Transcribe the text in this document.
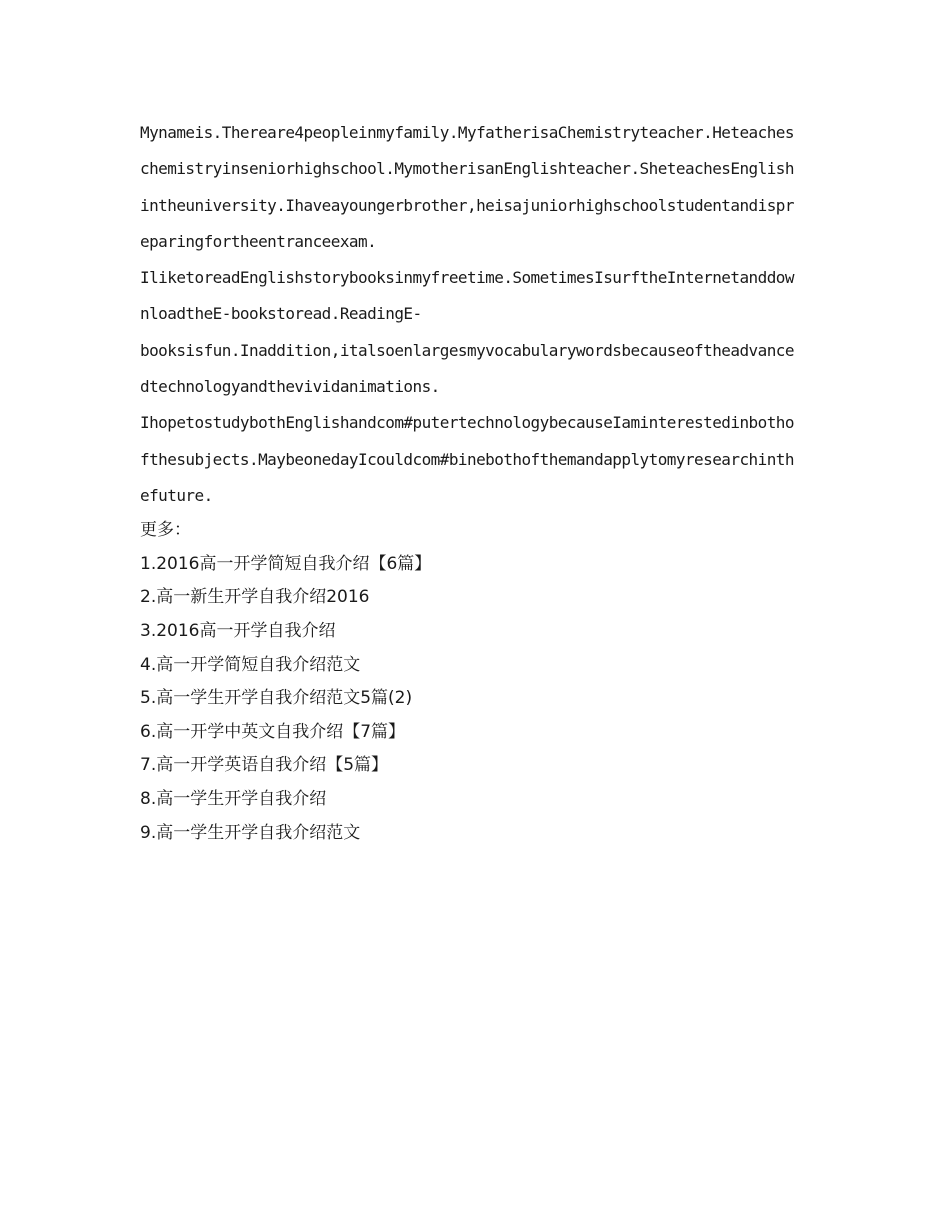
Mynameis.Thereare4peopleinmyfamily.MyfatherisaChemistryteacher.Heteaches
chemistryinseniorhighschool.MymotherisanEnglishteacher.SheteachesEnglish
intheuniversity.Ihaveayoungerbrother,heisajuniorhighschoolstudentandispr
eparingfortheentranceexam.
IliketoreadEnglishstorybooksinmyfreetime.SometimesIsurftheInternetanddow
nloadtheE-bookstoread.ReadingE-
booksisfun.Inaddition,italsoenlargesmyvocabularywordsbecauseoftheadvance
dtechnologyandthevividanimations.
IhopetostudybothEnglishandcom#putertechnologybecauseIaminterestedinbotho
fthesubjects.MaybeonedayIcouldcom#binebothofthemandapplytomyresearchinth
efuture.
更多：
1.2016高一开学简短自我介绍【6篇】
2.高一新生开学自我介绍2016
3.2016高一开学自我介绍
4.高一开学简短自我介绍范文
5.高一学生开学自我介绍范文5篇(2)
6.高一开学中英文自我介绍【7篇】
7.高一开学英语自我介绍【5篇】
8.高一学生开学自我介绍
9.高一学生开学自我介绍范文
